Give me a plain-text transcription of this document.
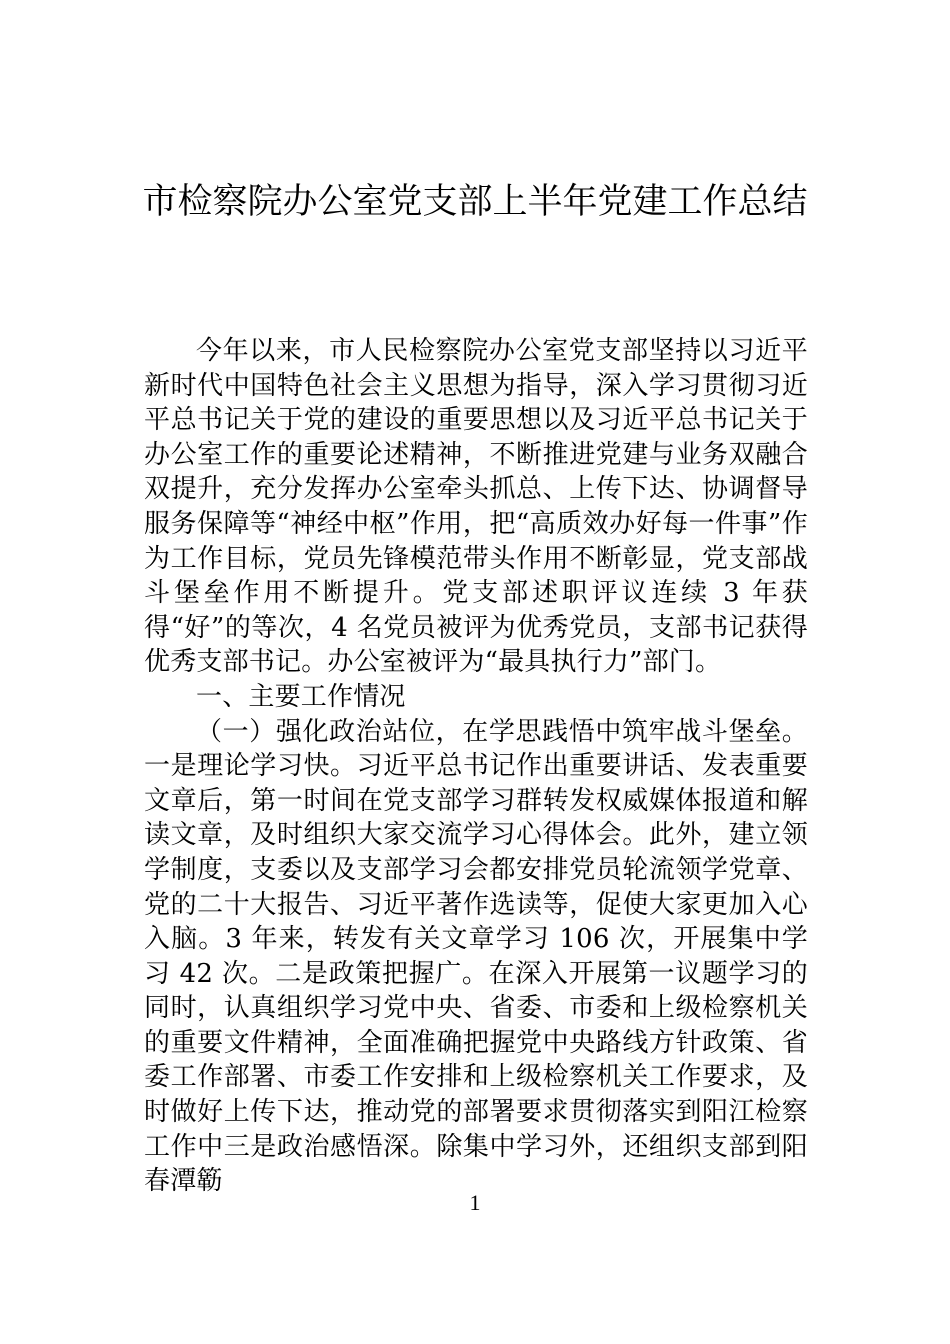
市检察院办公室党支部上半年党建工作总结

今年以来，市人民检察院办公室党支部坚持以习近平新时代中国特色社会主义思想为指导，深入学习贯彻习近平总书记关于党的建设的重要思想以及习近平总书记关于办公室工作的重要论述精神，不断推进党建与业务双融合双提升，充分发挥办公室牵头抓总、上传下达、协调督导服务保障等“神经中枢”作用，把“高质效办好每一件事”作为工作目标，党员先锋模范带头作用不断彰显，党支部战斗堡垒作用不断提升。党支部述职评议连续 3 年获得“好”的等次，4 名党员被评为优秀党员，支部书记获得优秀支部书记。办公室被评为“最具执行力”部门。

一、主要工作情况

（一）强化政治站位，在学思践悟中筑牢战斗堡垒。一是理论学习快。习近平总书记作出重要讲话、发表重要文章后，第一时间在党支部学习群转发权威媒体报道和解读文章，及时组织大家交流学习心得体会。此外，建立领学制度，支委以及支部学习会都安排党员轮流领学党章、党的二十大报告、习近平著作选读等，促使大家更加入心入脑。3 年来，转发有关文章学习 106 次，开展集中学习 42 次。二是政策把握广。在深入开展第一议题学习的同时，认真组织学习党中央、省委、市委和上级检察机关的重要文件精神，全面准确把握党中央路线方针政策、省委工作部署、市委工作安排和上级检察机关工作要求，及时做好上传下达，推动党的部署要求贯彻落实到阳江检察工作中三是政治感悟深。除集中学习外，还组织支部到阳春潭簕

1
